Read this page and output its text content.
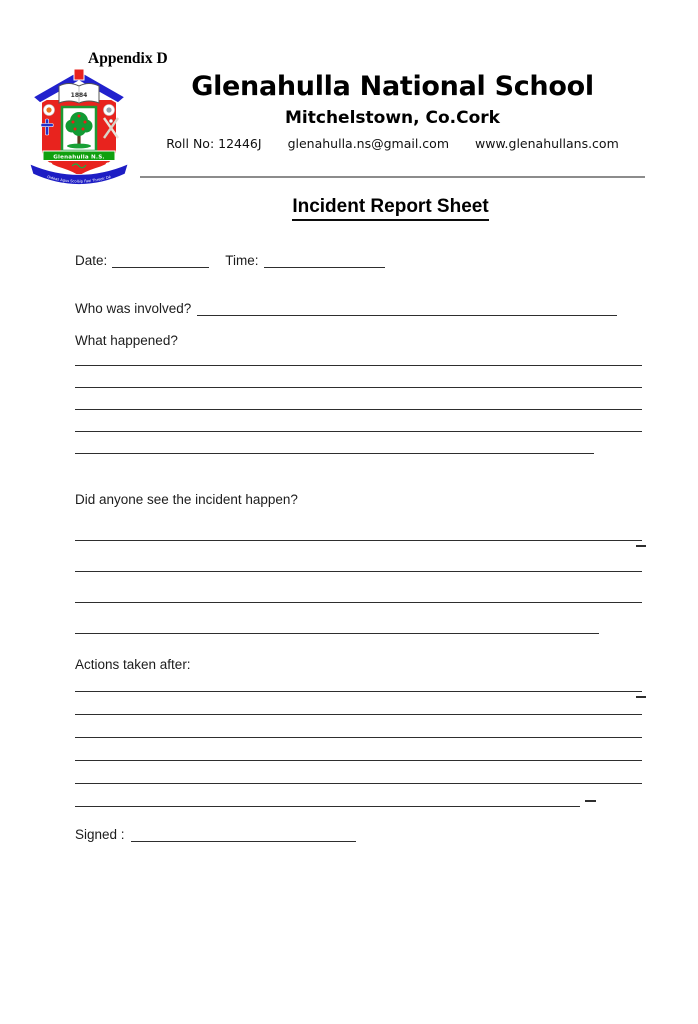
Appendix D
1884
Glenahulla N.S.
Oideas Agus Scoláip Faoi Threoir Dé
Glenahulla National School
Mitchelstown, Co.Cork
Roll No: 12446J glenahulla.ns@gmail.com www.glenahullans.com
Incident Report Sheet
Date:	Time:
Who was involved?
What happened?
Did anyone see the incident happen?
Actions taken after:
Signed :
